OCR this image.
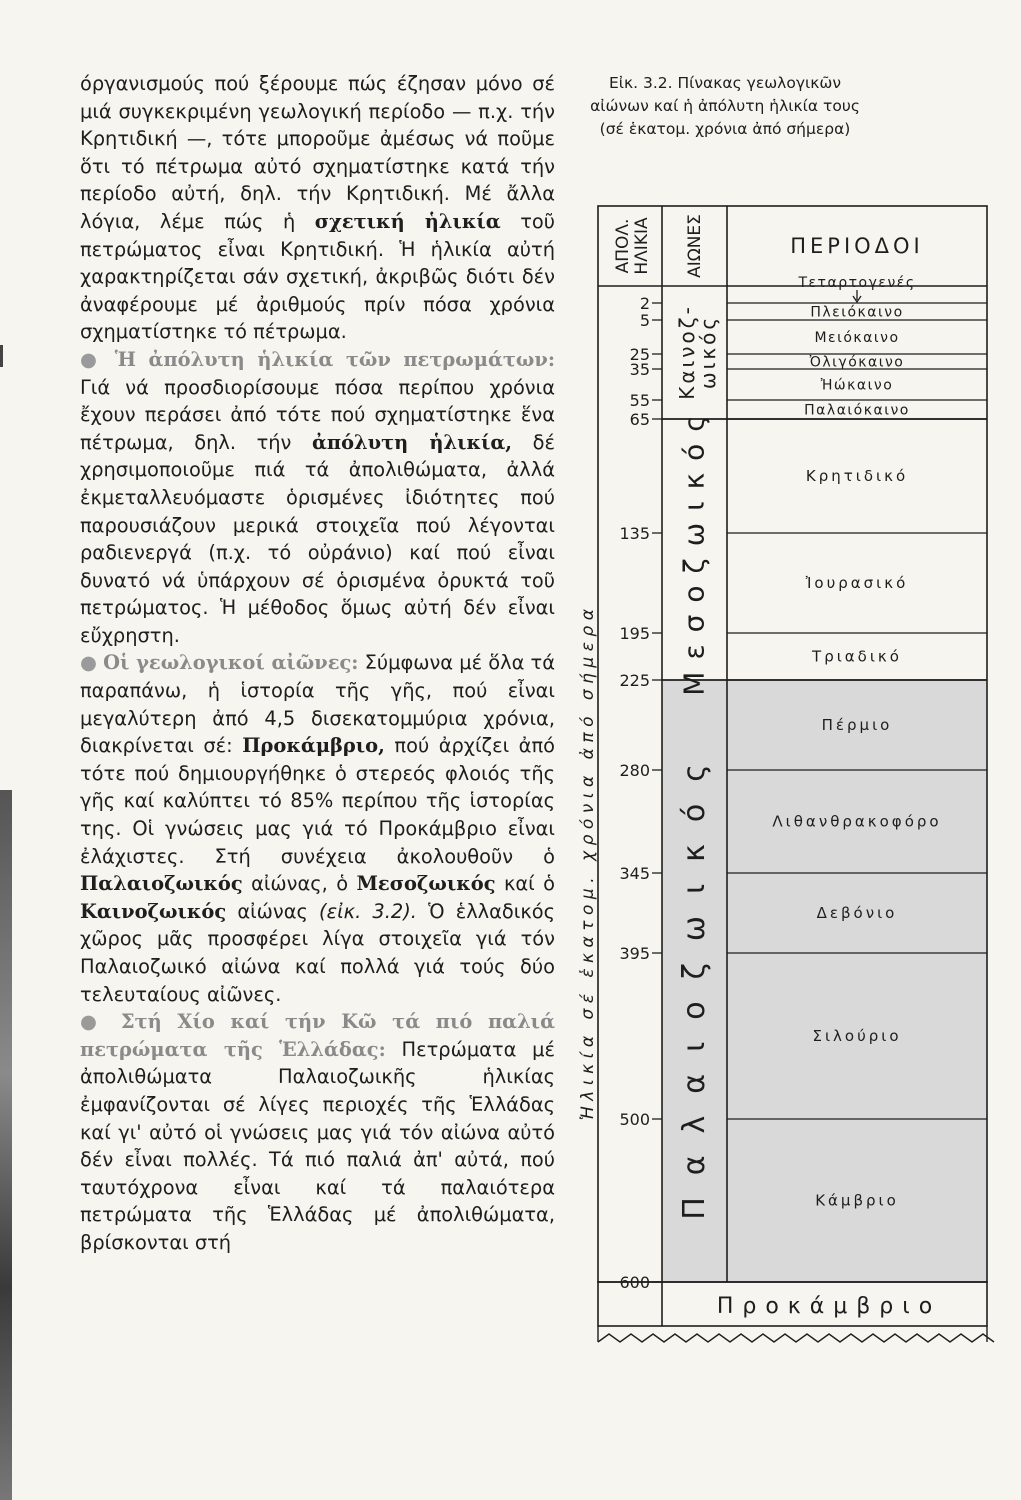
όργανισμούς πού ξέρουμε πώς έζησαν μόνο σέ μιά συγκεκριμένη γεωλογική περίοδο — π.χ. τήν Κρητιδική —, τότε μποροῦμε ἀμέσως νά ποῦμε ὅτι τό πέτρωμα αὐτό σχηματίστηκε κατά τήν περίοδο αὐτή, δηλ. τήν Κρητιδική. Μέ ἄλλα λόγια, λέμε πώς ἡ σχετική ἡλικία τοῦ πετρώματος εἶναι Κρητιδική. Ἡ ἡλικία αὐτή χαρακτηρίζεται σάν σχετική, ἀκριβῶς διότι δέν ἀναφέρουμε μέ ἀριθμούς πρίν πόσα χρόνια σχηματίστηκε τό πέτρωμα.

● Ἡ ἀπόλυτη ἡλικία τῶν πετρωμάτων: Γιά νά προσδιορίσουμε πόσα περίπου χρόνια ἔχουν περάσει ἀπό τότε πού σχηματίστηκε ἕνα πέτρωμα, δηλ. τήν ἀπόλυτη ἡλικία, δέ χρησιμοποιοῦμε πιά τά ἀπολιθώματα, ἀλλά ἐκμεταλλευόμαστε ὁρισμένες ἰδιότητες πού παρουσιάζουν μερικά στοιχεῖα πού λέγονται ραδιενεργά (π.χ. τό οὐράνιο) καί πού εἶναι δυνατό νά ὑπάρχουν σέ ὁρισμένα ὀρυκτά τοῦ πετρώματος. Ἡ μέθοδος ὅμως αὐτή δέν εἶναι εὔχρηστη.

● Οἱ γεωλογικοί αἰῶνες: Σύμφωνα μέ ὅλα τά παραπάνω, ἡ ἱστορία τῆς γῆς, πού εἶναι μεγαλύτερη ἀπό 4,5 δισεκατομμύρια χρόνια, διακρίνεται σέ: Προκάμβριο, πού ἀρχίζει ἀπό τότε πού δημιουργήθηκε ὁ στερεός φλοιός τῆς γῆς καί καλύπτει τό 85% περίπου τῆς ἱστορίας της. Οἱ γνώσεις μας γιά τό Προκάμβριο εἶναι ἐλάχιστες. Στή συνέχεια ἀκολουθοῦν ὁ Παλαιοζωικός αἰώνας, ὁ Μεσοζωικός καί ὁ Καινοζωικός αἰώνας (εἰκ. 3.2). Ὁ ἑλλαδικός χῶρος μᾶς προσφέρει λίγα στοιχεῖα γιά τόν Παλαιοζωικό αἰώνα καί πολλά γιά τούς δύο τελευταίους αἰῶνες.

● Στή Χίο καί τήν Κῶ τά πιό παλιά πετρώματα τῆς Ἑλλάδας: Πετρώματα μέ ἀπολιθώματα Παλαιοζωικῆς ἡλικίας ἐμφανίζονται σέ λίγες περιοχές τῆς Ἑλλάδας καί γι' αὐτό οἱ γνώσεις μας γιά τόν αἰώνα αὐτό δέν εἶναι πολλές. Τά πιό παλιά ἀπ' αὐτά, πού ταυτόχρονα εἶναι καί τά παλαιότερα πετρώματα τῆς Ἑλλάδας μέ ἀπολιθώματα, βρίσκονται στή

Εἰκ. 3.2. Πίνακας γεωλογικῶν αἰώνων καί ἡ ἀπόλυτη ἡλικία τους (σέ ἑκατομ. χρόνια ἀπό σήμερα)
ΑΠΟΛ.ΗΛΙΚΙΑ ΑΙΩΝΕΣ	ΠΕΡΙΟΔΟΙ
Τεταρτογενές
Πλειόκαινο
Μειόκαινο
Ὀλιγόκαινο
Ἠώκαινο
Παλαιόκαινο
Κρητιδικό
Ἰουρασικό
Τριαδικό
Πέρμιο
Λιθανθρακοφόρο
Δεβόνιο
Σιλούριο
Κάμβριο
Καινοζ-
ωικός
Μεσοζωικός
Παλαιοζωικός
2
5
25
35
55
65
135
195
225
280
345
395
500
600
Ἡλικία σέ ἑκατομ. χρόνια ἀπό σήμερα
Προκάμβριο
